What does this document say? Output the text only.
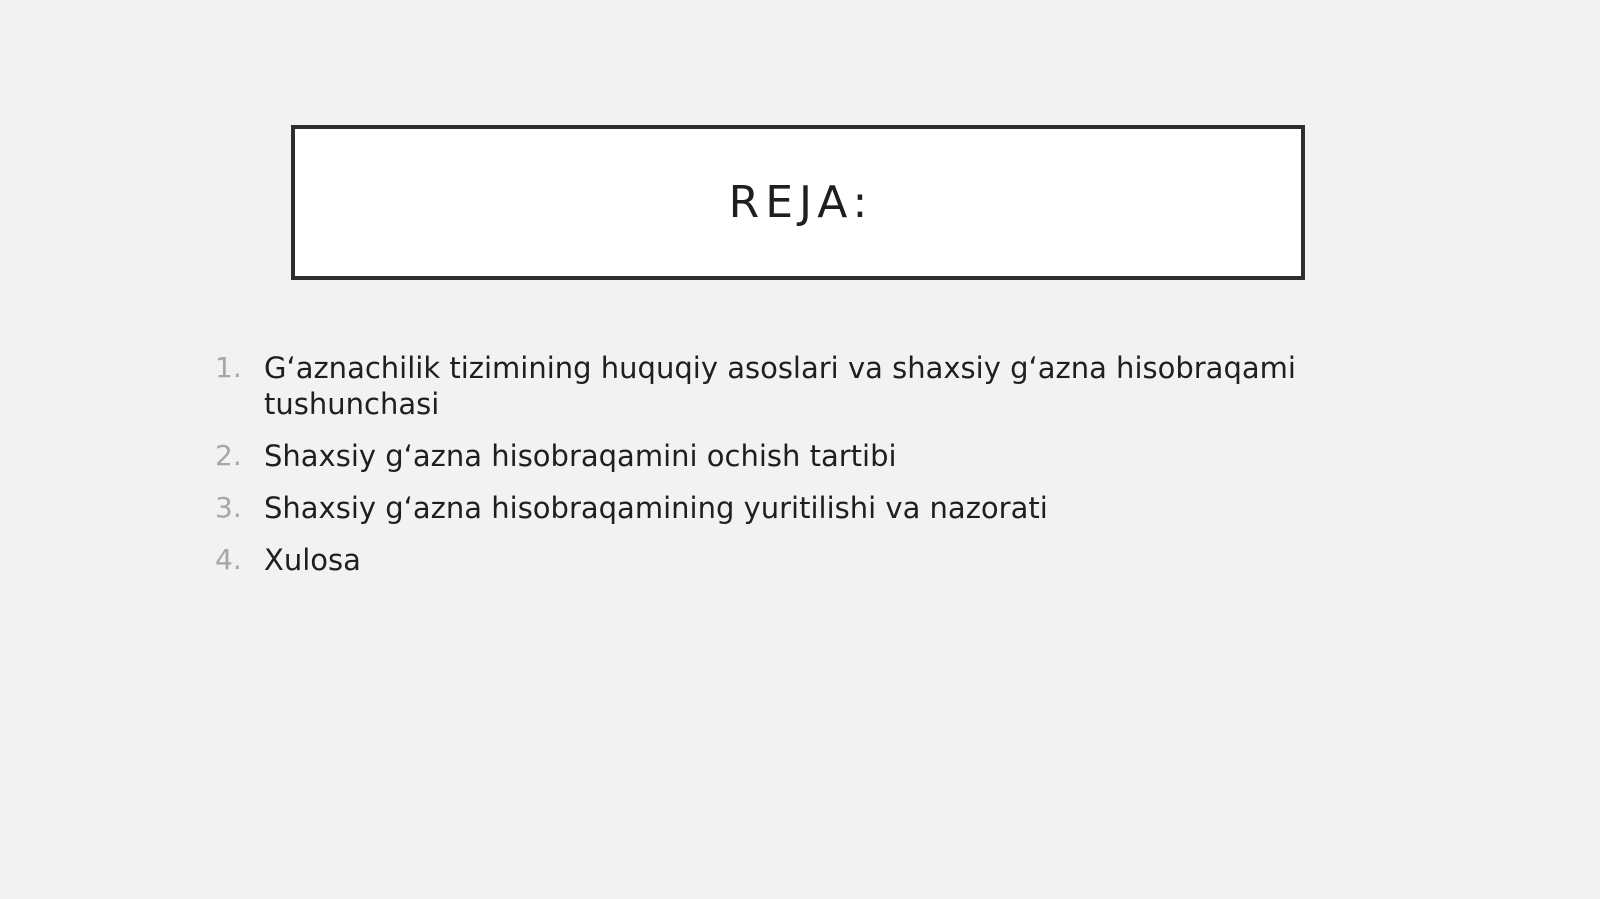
REJA:
1. G‘aznachilik tizimining huquqiy asoslari va shaxsiy g‘azna hisobraqami tushunchasi
2. Shaxsiy g‘azna hisobraqamini ochish tartibi
3. Shaxsiy g‘azna hisobraqamining yuritilishi va nazorati
4. Xulosa
